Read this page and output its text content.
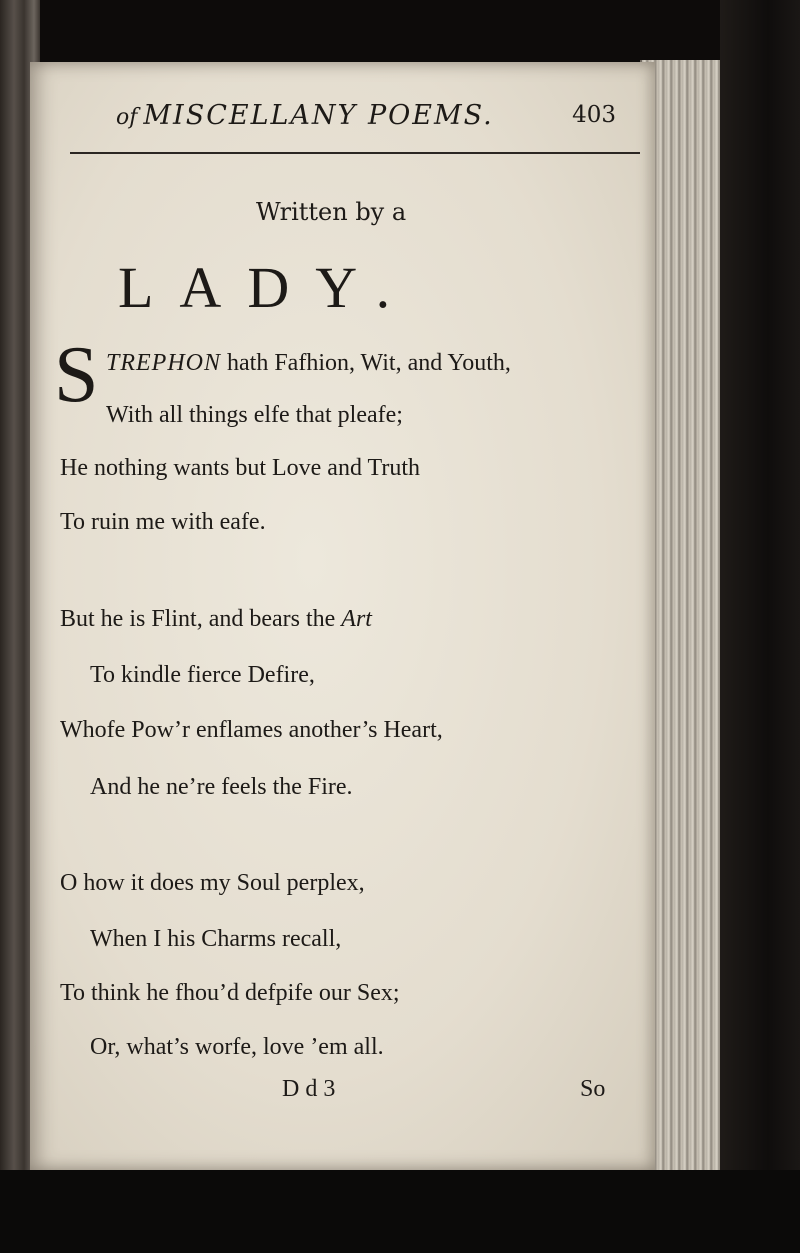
of MISCELLANY POEMS.	403
Written by a
LADY.
S TREPHON hath Fafhion, Wit, and Youth,
With all things elfe that pleafe;
He nothing wants but Love and Truth
To ruin me with eafe.
But he is Flint, and bears the Art
To kindle fierce Defire,
Whofe Pow’r enflames another’s Heart,
And he ne’re feels the Fire.
O how it does my Soul perplex,
When I his Charms recall,
To think he fhou’d defpife our Sex;
Or, what’s worfe, love ’em all.
D d 3	So
